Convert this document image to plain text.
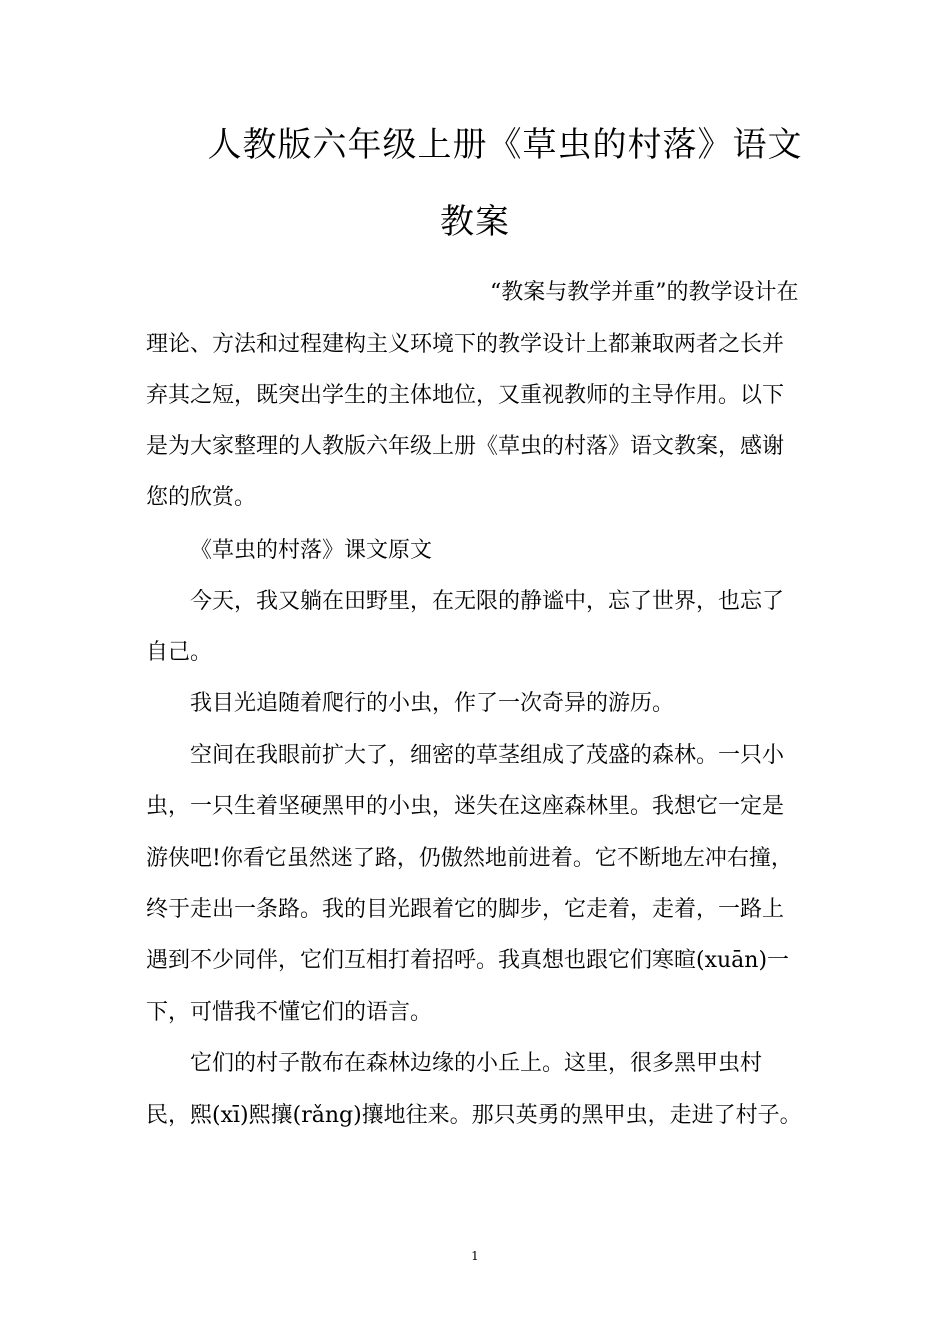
人教版六年级上册《草虫的村落》语文
教案
“教案与教学并重”的教学设计在
理论、方法和过程建构主义环境下的教学设计上都兼取两者之长并
弃其之短，既突出学生的主体地位，又重视教师的主导作用。以下
是为大家整理的人教版六年级上册《草虫的村落》语文教案，感谢
您的欣赏。
《草虫的村落》课文原文
今天，我又躺在田野里，在无限的静谧中，忘了世界，也忘了
自己。
我目光追随着爬行的小虫，作了一次奇异的游历。
空间在我眼前扩大了，细密的草茎组成了茂盛的森林。一只小
虫，一只生着坚硬黑甲的小虫，迷失在这座森林里。我想它一定是
游侠吧!你看它虽然迷了路，仍傲然地前进着。它不断地左冲右撞，
终于走出一条路。我的目光跟着它的脚步，它走着，走着，一路上
遇到不少同伴，它们互相打着招呼。我真想也跟它们寒暄(xuān)一
下，可惜我不懂它们的语言。
它们的村子散布在森林边缘的小丘上。这里，很多黑甲虫村
民，熙(xī)熙攘(rǎng)攘地往来。那只英勇的黑甲虫，走进了村子。
1
